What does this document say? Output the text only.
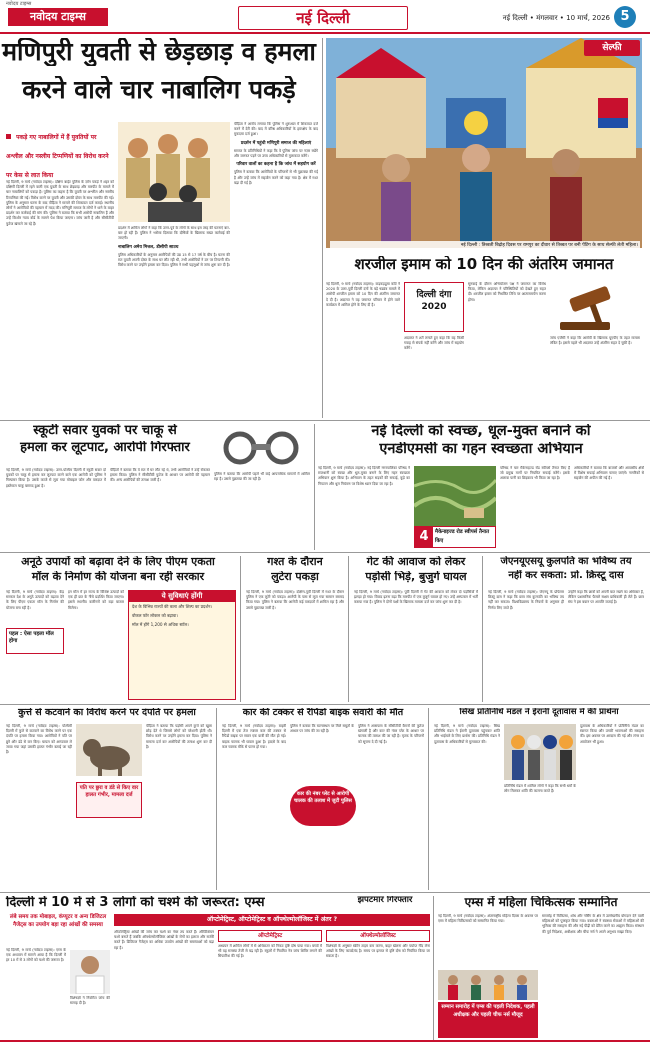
नवोदय टाइम्स
नवोदय टाइम्स	नई दिल्ली	नई दिल्ली • मंगलवार • 10 मार्च, 2026 5
मणिपुरी युवती से छेड़छाड़ व हमला
करने वाले चार नाबालिग पकड़े
पकड़े गए नाबालिगों में हैं युवतियों पर अश्लील और नस्लीय टिप्पणियों का विरोध करने पर केस से लात किया
नई दिल्ली, 9 मार्च (नवोदय टाइम्स): दक्षिण बाईट पुलिस के ज़ोन पकड़े ने शहर को दक्षिणी दिल्ली में रहने वाली एक युवती के साथ छेड़छाड़ और मारपीट के मामले में चार नाबालिगों को पकड़ा है। पुलिस का कहना है कि युवती पर अश्लील और नस्लीय टिप्पणियां की गईं। विरोध करने पर युवती और उसकी दोस्त के साथ मारपीट की गई। पुलिस के अनुसार घटना के बाद पीड़िता ने मामले की शिकायत दर्ज कराई। स्थानीय लोगों ने आरोपियों की पहचान में मदद की। मणिपुरी समाज के लोगों ने थाने के बाहर प्रदर्शन कर कार्रवाई की मांग की। पुलिस ने बताया कि सभी आरोपी नाबालिग हैं और उन्हें किशोर न्याय बोर्ड के सामने पेश किया जाएगा। जांच जारी है और सीसीटीवी फुटेज खंगाले जा रहे हैं।
प्रदर्शन में शामिल लोगों ने कहा कि उत्तर-पूर्व के लोगों के साथ इस तरह की घटनाएं बार-बार हो रही हैं। पुलिस ने भरोसा दिलाया कि दोषियों के खिलाफ सख्त कार्रवाई की जाएगी।
नाबालिग अमेय मित्तल, डीसीपी साउथ
पुलिस अधिकारियों के अनुसार आरोपियों की उम्र 15 से 17 वर्ष के बीच है। घटना की रात युवती अपनी दोस्त के साथ घर लौट रही थी, तभी आरोपियों ने उन पर टिप्पणी की। विरोध करने पर उन्होंने हमला कर दिया। पुलिस ने सभी पहलुओं से जांच शुरू कर दी है।
पीड़िता ने आरोप लगाया कि पुलिस ने शुरुआत में शिकायत दर्ज करने में देरी की। बाद में वरिष्ठ अधिकारियों के हस्तक्षेप के बाद मुकदमा दर्ज हुआ।
प्रदर्शन में पहुंची मणिपुरी समाज की महिलाएं
समाज के प्रतिनिधियों ने कहा कि वे पुलिस जांच पर नज़र रखेंगे और जरूरत पड़ने पर उच्च अधिकारियों से मुलाकात करेंगे।
परिवार वालों का कहना है कि जांच में सहयोग करें
पुलिस ने बताया कि आरोपियों के परिजनों से भी पूछताछ की गई है और उन्हें जांच में सहयोग करने को कहा गया है। क्षेत्र में गश्त बढ़ा दी गई है।
सेल्फी
नई दिल्ली : तिब्बती बिद्रोह दिवस पर रामपुर का दीवार से तिब्बत पर बनी पेंटिंग के साथ सेल्फी लेती महिला।
शरजील इमाम को 10 दिन की अंतरिम जमानत
नई दिल्ली, 9 मार्च (नवोदय टाइम्स): कड़कड़डूमा कोर्ट ने 2020 के उत्तर-पूर्वी दिल्ली दंगों के बड़े षड्यंत्र मामले में आरोपी शरजील इमाम को 10 दिन की अंतरिम जमानत दे दी है। अदालत ने यह जमानत परिवार में होने वाले कार्यक्रम में शामिल होने के लिए दी है।
दिल्ली दंगा 2020
अदालत ने शर्तें लगाते हुए कहा कि वह किसी गवाह से संपर्क नहीं करेंगे और जांच में सहयोग करेंगे।
सुनवाई के दौरान अभियोजन पक्ष ने जमानत का विरोध किया, लेकिन अदालत ने परिस्थितियों को देखते हुए राहत दी। शरजील इमाम को निर्धारित तिथि पर आत्मसमर्पण करना होगा।
जांच एजेंसी ने कहा कि आरोपी के खिलाफ यूएपीए के तहत मामला लंबित है। इससे पहले भी अदालत उन्हें अंतरिम राहत दे चुकी है।
स्कूटी सवार युवकों पर चाकू से
हमला कर लूटपाट, आरोपी गिरफ्तार
नई दिल्ली, 9 मार्च (नवोदय टाइम्स): उत्तर-पश्चिम दिल्ली में स्कूटी सवार दो युवकों पर चाकू से हमला कर लूटपाट करने वाले एक आरोपी को पुलिस ने गिरफ्तार किया है। उसके कब्जे से लूटा गया मोबाइल फोन और वारदात में इस्तेमाल चाकू बरामद हुआ है।
पीड़ितों ने बताया कि वे रात में घर लौट रहे थे, तभी आरोपियों ने उन्हें रोककर हमला किया। पुलिस ने सीसीटीवी फुटेज के आधार पर आरोपी की पहचान की। अन्य आरोपियों की तलाश जारी है।
पुलिस ने बताया कि आरोपी पहले भी कई आपराधिक मामलों में शामिल रहा है। उससे पूछताछ की जा रही है।
नई दिल्ली को स्वच्छ, धूल-मुक्त बनाने को
एनडीएमसी का गहन स्वच्छता अभियान
नई दिल्ली, 9 मार्च (नवोदय टाइम्स): नई दिल्ली नगरपालिका परिषद ने राजधानी को स्वच्छ और धूल-मुक्त बनाने के लिए गहन स्वच्छता अभियान शुरू किया है। अभियान के तहत सड़कों की सफाई, कूड़े का निपटान और धूल नियंत्रण पर विशेष ध्यान दिया जा रहा है।
4	मैकेनाइज्ड रोड स्वीपर्स तैनात किए
परिषद ने चार मैकेनाइज्ड रोड स्वीपर्स तैनात किए हैं जो प्रमुख मार्गों पर नियमित सफाई करेंगे। इसके अलावा पानी का छिड़काव भी किया जा रहा है।
अधिकारियों ने बताया कि बाजारों और आवासीय क्षेत्रों में विशेष सफाई अभियान चलाए जाएंगे। नागरिकों से सहयोग की अपील की गई है।
अनूठे उपायों को बढ़ावा देने के लिए पीएम एकता
मॉल के निर्माण की योजना बना रही सरकार
नई दिल्ली, 9 मार्च (नवोदय टाइम्स): केंद्र सरकार देश के अनूठे उत्पादों को बढ़ावा देने के लिए पीएम एकता मॉल के निर्माण की योजना बना रही है।
पहल : ऐसा पहला मॉल होगा
इन मॉल में हर राज्य के विशिष्ट उत्पादों को एक ही छत के नीचे प्रदर्शित किया जाएगा। इससे स्थानीय कारीगरों को बड़ा बाजार मिलेगा।
ये सुविधाएं होंगी
देश के विभिन्न राज्यों की कला और शिल्प का प्रदर्शन।
वोकल फॉर लोकल को बढ़ावा।
मॉल में होंगे 1,200 से अधिक स्टॉल।
गश्त के दौरान
लुटेरा पकड़ा
नई दिल्ली, 9 मार्च (नवोदय टाइम्स): दक्षिण-पूर्वी दिल्ली में गश्त के दौरान पुलिस ने एक लुटेरे को पकड़ा। आरोपी के पास से लूटा गया सामान बरामद किया गया। पुलिस ने बताया कि आरोपी कई वारदातों में शामिल रहा है और उससे पूछताछ जारी है।
गेट की आवाज को लेकर
पड़ोसी भिड़े, बुजुर्ग घायल
नई दिल्ली, 9 मार्च (नवोदय टाइम्स): पूर्वी दिल्ली में गेट की आवाज को लेकर दो पड़ोसियों में झगड़ा हो गया। विवाद इतना बढ़ा कि मारपीट में एक बुजुर्ग घायल हो गए। उन्हें अस्पताल में भर्ती कराया गया है। पुलिस ने दोनों पक्षों के खिलाफ मामला दर्ज कर जांच शुरू कर दी है।
जेएनयूएसयू कुलपति का भविष्य तय
नहीं कर सकता: प्रो. क्रिस्टू दास
नई दिल्ली, 9 मार्च (नवोदय टाइम्स): जेएनयू के प्रोफेसर क्रिस्टू दास ने कहा कि छात्र संघ कुलपति का भविष्य तय नहीं कर सकता। विश्वविद्यालय के नियमों के अनुसार ही निर्णय लिए जाते हैं।
उन्होंने कहा कि छात्रों को अपनी बात रखने का अधिकार है, लेकिन प्रशासनिक फैसले सक्षम प्राधिकारी ही लेते हैं। छात्र संघ ने इस बयान पर आपत्ति जताई है।
कुत्ते से कटवाने का विरोध करने पर दंपति पर हमला
नई दिल्ली, 9 मार्च (नवोदय टाइम्स): पश्चिमी दिल्ली में कुत्ते से कटवाने का विरोध करने पर एक दंपति पर हमला किया गया। आरोपियों ने पति पर छुरे और डंडे से वार किए। घायल को अस्पताल ले जाया गया जहां उसकी हालत गंभीर बताई जा रही है।
पति पर छुरा व डंडे से किए वार हालत गंभीर, मामला दर्ज
पीड़िता ने बताया कि पड़ोसी अपने कुत्ते को खुला छोड़ देते थे जिससे लोगों को परेशानी होती थी। विरोध करने पर उन्होंने हमला कर दिया। पुलिस ने मामला दर्ज कर आरोपियों की तलाश शुरू कर दी है।
कार की टक्कर से रैपिडो बाइक सवारी की मौत
नई दिल्ली, 9 मार्च (नवोदय टाइम्स): बाहरी दिल्ली में एक तेज रफ्तार कार की टक्कर से रैपिडो बाइक पर सवार एक यात्री की मौत हो गई। बाइक चालक भी घायल हुआ है। हादसे के बाद कार चालक मौके से फरार हो गया।
पुलिस ने बताया कि घटनास्थल पर मिले सबूतों के आधार पर जांच की जा रही है।
कार की नंबर प्लेट से आरोपी चालक की तलाश में जुटी पुलिस
पुलिस ने आसपास के सीसीटीवी कैमरों की फुटेज खंगाली है और कार की नंबर प्लेट के आधार पर चालक की तलाश की जा रही है। मृतक के परिजनों को सूचना दे दी गई है।
सिख प्रतिनिधि मंडल ने ईरानी दूतावास में की प्रार्थना
नई दिल्ली, 9 मार्च (नवोदय टाइम्स): सिख प्रतिनिधि मंडल ने ईरानी दूतावास पहुंचकर शांति और भाईचारे के लिए प्रार्थना की। प्रतिनिधि मंडल ने दूतावास के अधिकारियों से मुलाकात की।
प्रतिनिधि मंडल में शामिल लोगों ने कहा कि सभी धर्मों के लोग मिलकर शांति की कामना करते हैं।
दूतावास के अधिकारियों ने प्रतिनिधि मंडल का स्वागत किया और उनकी भावनाओं की सराहना की। इस अवसर पर अरदास की गई और लंगर का आयोजन भी हुआ।
दिल्ली में 10 में से 3 लोगों को चश्मे की जरूरत: एम्स
लंबे समय तक मोबाइल, कंप्यूटर व अन्य डिजिटल गैजेट्स का उपयोग बड़ा रहा आंखों की समस्या
नई दिल्ली, 9 मार्च (नवोदय टाइम्स): एम्स के एक अध्ययन में सामने आया है कि दिल्ली में हर 10 में से 3 लोगों को चश्मे की जरूरत है।
विशेषज्ञों ने नियमित जांच की सलाह दी है।
ऑप्टोमेट्रिस्ट, ऑप्टोमेट्रिस्ट व ऑफ्थेल्मोलॉजिस्ट में अंतर ?
ऑप्टोमेट्रिस्ट आंखों की जांच कर चश्मे का नंबर तय करते हैं। ऑप्टिशियन चश्मे बनाते हैं जबकि ऑफ्थेल्मोलॉजिस्ट आंखों के रोगों का इलाज और सर्जरी करते हैं। डिजिटल गैजेट्स का अधिक उपयोग आंखों की समस्याओं को बढ़ा रहा है।
ऑप्टोमेट्रिस्ट
अध्ययन में शामिल लोगों में से अधिकतर को निकट दृष्टि दोष पाया गया। बच्चों में भी यह समस्या तेजी से बढ़ रही है। स्कूलों में नियमित नेत्र जांच शिविर लगाने की सिफारिश की गई है।
ऑफ्थेल्मोलॉजिस्ट
विशेषज्ञों के अनुसार स्क्रीन टाइम कम करना, बाहर खेलना और पर्याप्त नींद लेना आंखों के लिए फायदेमंद है। समय पर इलाज से दृष्टि दोष को नियंत्रित किया जा सकता है।
झपटमार गिरफ्तार	एम्स में महिला चिकित्सक सम्मानित
नई दिल्ली, 9 मार्च (नवोदय टाइम्स): अंतरराष्ट्रीय महिला दिवस के अवसर पर एम्स में महिला चिकित्सकों को सम्मानित किया गया।
सम्मान समारोह में एम्स की पहली निदेशक, पहली अधीक्षक और पहली चीफ नर्स मौजूद
समारोह में चिकित्सा, शोध और नर्सिंग के क्षेत्र में उल्लेखनीय योगदान देने वाली महिलाओं को पुरस्कृत किया गया। वक्ताओं ने स्वास्थ्य सेवाओं में महिलाओं की भूमिका की सराहना की और नई पीढ़ी को प्रेरित करने का आह्वान किया। संस्थान की पूर्व निदेशक, अधीक्षक और चीफ नर्स ने अपने अनुभव साझा किए।
